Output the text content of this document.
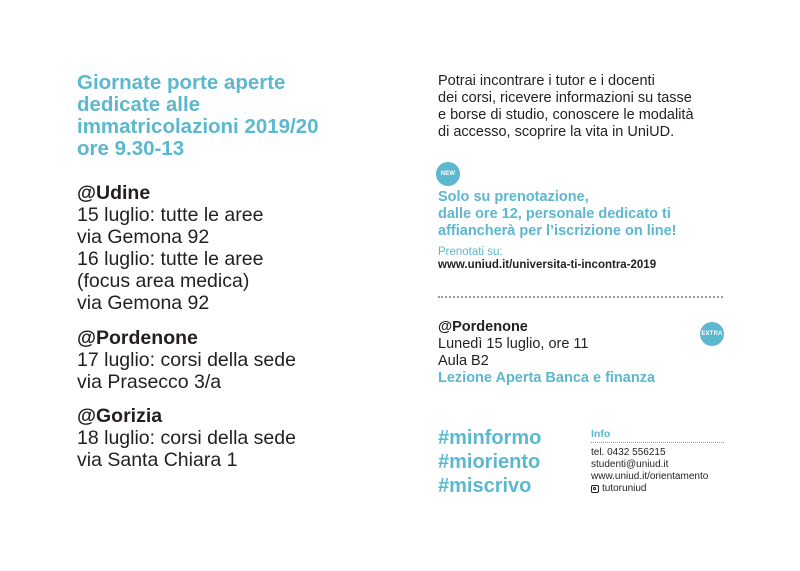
Giornate porte aperte
dedicate alle
immatricolazioni 2019/20
ore 9.30-13
@Udine
15 luglio: tutte le aree
via Gemona 92
16 luglio: tutte le aree
(focus area medica)
via Gemona 92
@Pordenone
17 luglio: corsi della sede
via Prasecco 3/a
@Gorizia
18 luglio: corsi della sede
via Santa Chiara 1
Potrai incontrare i tutor e i docenti
dei corsi, ricevere informazioni su tasse
e borse di studio, conoscere le modalità
di accesso, scoprire la vita in UniUD.
NEW
Solo su prenotazione,
dalle ore 12, personale dedicato ti
affiancherà per l’iscrizione on line!
Prenotati su:
www.uniud.it/universita-ti-incontra-2019
@Pordenone
Lunedì 15 luglio, ore 11
Aula B2
Lezione Aperta Banca e finanza
EXTRA
#minformo
#mioriento
#miscrivo
Info
tel. 0432 556215
studenti@uniud.it
www.uniud.it/orientamento
tutoruniud
